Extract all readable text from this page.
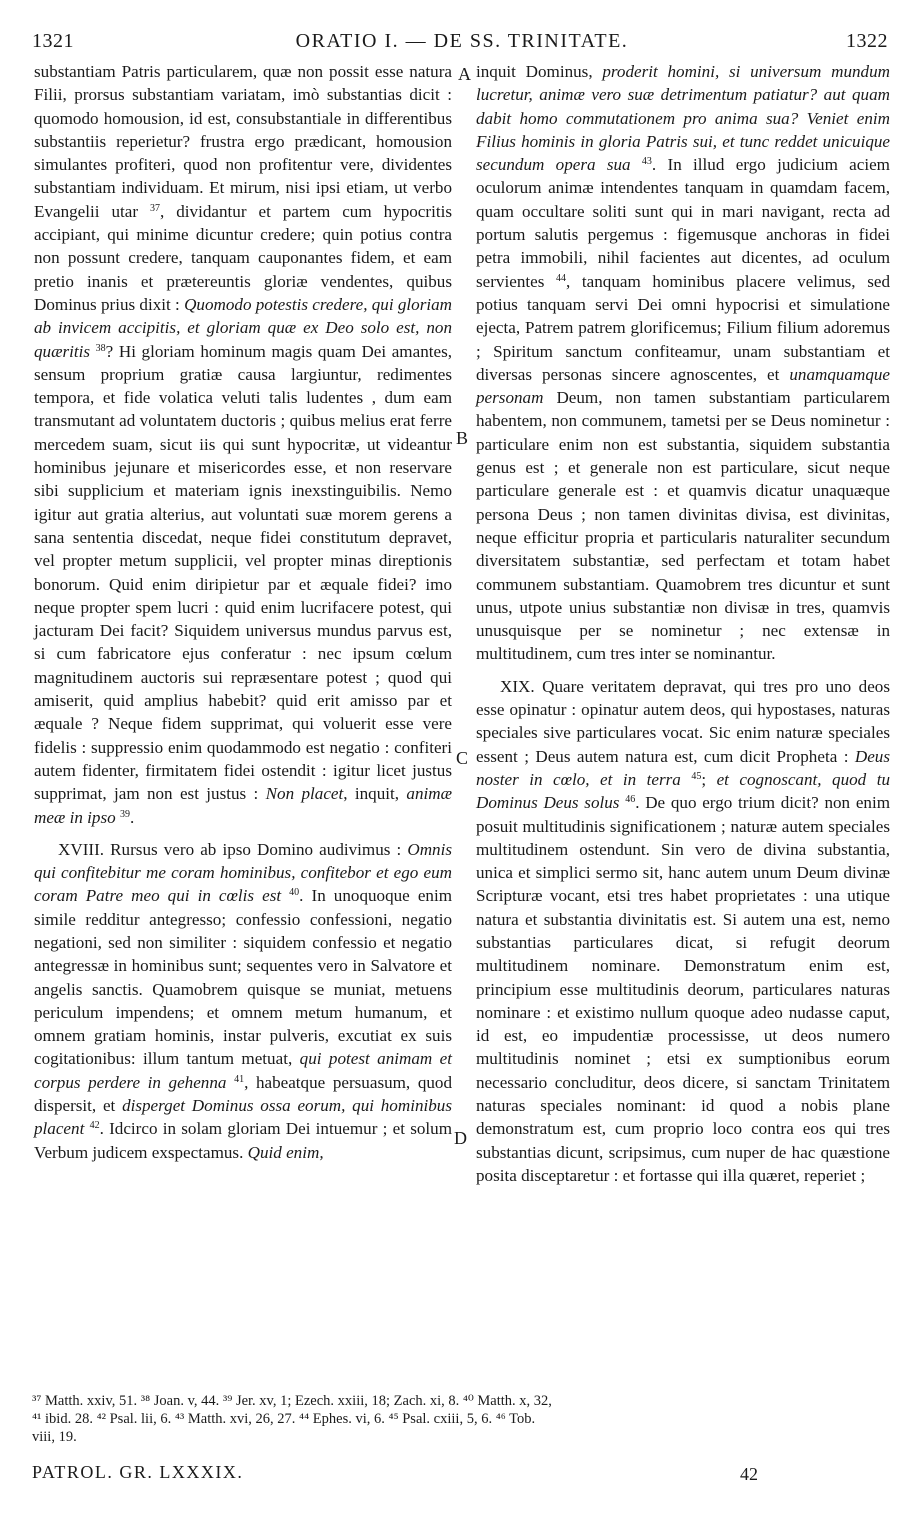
1321	ORATIO I. — DE SS. TRINITATE.	1322

substantiam Patris particularem, quæ non possit esse natura Filii, prorsus substantiam variatam, imò substantias dicit : quomodo homousion, id est, consubstantiale in differentibus substantiis reperietur? frustra ergo prædicant, homousion simulantes profiteri, quod non profitentur vere, dividentes substantiam individuam. Et mirum, nisi ipsi etiam, ut verbo Evangelii utar $^{37}$, dividantur et partem cum hypocritis accipiant, qui minime dicuntur credere; quin potius contra non possunt credere, tanquam cauponantes fidem, et eam pretio inanis et prætereuntis gloriæ vendentes, quibus Dominus prius dixit : Quomodo potestis credere, qui gloriam ab invicem accipitis, et gloriam quæ ex Deo solo est, non quæritis $^{38}$? Hi gloriam hominum magis quam Dei amantes, sensum proprium gratiæ causa largiuntur, redimentes tempora, et fide volatica veluti talis ludentes , dum eam transmutant ad voluntatem ductoris ; quibus melius erat ferre mercedem suam, sicut iis qui sunt hypocritæ, ut videantur hominibus jejunare et misericordes esse, et non reservare sibi supplicium et materiam ignis inexstinguibilis. Nemo igitur aut gratia alterius, aut voluntati suæ morem gerens a sana sententia discedat, neque fidei constitutum depravet, vel propter metum supplicii, vel propter minas direptionis bonorum. Quid enim diripietur par et æquale fidei? imo neque propter spem lucri : quid enim lucrifacere potest, qui jacturam Dei facit? Siquidem universus mundus parvus est, si cum fabricatore ejus conferatur : nec ipsum cœlum magnitudinem auctoris sui repræsentare potest ; quod qui amiserit, quid amplius habebit? quid erit amisso par et æquale ? Neque fidem supprimat, qui voluerit esse vere fidelis : suppressio enim quodammodo est negatio : confiteri autem fidenter, firmitatem fidei ostendit : igitur licet justus supprimat, jam non est justus : Non placet, inquit, animæ meæ in ipso $^{39}$.

XVIII. Rursus vero ab ipso Domino audivimus : Omnis qui confitebitur me coram hominibus, confitebor et ego eum coram Patre meo qui in cœlis est $^{40}$. In unoquoque enim simile redditur antegresso; confessio confessioni, negatio negationi, sed non similiter : siquidem confessio et negatio antegressæ in hominibus sunt; sequentes vero in Salvatore et angelis sanctis. Quamobrem quisque se muniat, metuens periculum impendens; et omnem metum humanum, et omnem gratiam hominis, instar pulveris, excutiat ex suis cogitationibus: illum tantum metuat, qui potest animam et corpus perdere in gehenna $^{41}$, habeatque persuasum, quod dispersit, et disperget Dominus ossa eorum, qui hominibus placent $^{42}$. Idcirco in solam gloriam Dei intuemur ; et solum Verbum judicem exspectamus. Quid enim,

A
B
C
D

inquit Dominus, proderit homini, si universum mundum lucretur, animæ vero suæ detrimentum patiatur? aut quam dabit homo commutationem pro anima sua? Veniet enim Filius hominis in gloria Patris sui, et tunc reddet unicuique secundum opera sua $^{43}$. In illud ergo judicium aciem oculorum animæ intendentes tanquam in quamdam facem, quam occultare soliti sunt qui in mari navigant, recta ad portum salutis pergemus : figemusque anchoras in fidei petra immobili, nihil facientes aut dicentes, ad oculum servientes $^{44}$, tanquam hominibus placere velimus, sed potius tanquam servi Dei omni hypocrisi et simulatione ejecta, Patrem patrem glorificemus; Filium filium adoremus ; Spiritum sanctum confiteamur, unam substantiam et diversas personas sincere agnoscentes, et unamquamque personam Deum, non tamen substantiam particularem habentem, non communem, tametsi per se Deus nominetur : particulare enim non est substantia, siquidem substantia genus est ; et generale non est particulare, sicut neque particulare generale est : et quamvis dicatur unaquæque persona Deus ; non tamen divinitas divisa, est divinitas, neque efficitur propria et particularis naturaliter secundum diversitatem substantiæ, sed perfectam et totam habet communem substantiam. Quamobrem tres dicuntur et sunt unus, utpote unius substantiæ non divisæ in tres, quamvis unusquisque per se nominetur ; nec extensæ in multitudinem, cum tres inter se nominantur.

XIX. Quare veritatem depravat, qui tres pro uno deos esse opinatur : opinatur autem deos, qui hypostases, naturas speciales sive particulares vocat. Sic enim naturæ speciales essent ; Deus autem natura est, cum dicit Propheta : Deus noster in cœlo, et in terra $^{45}$; et cognoscant, quod tu Dominus Deus solus $^{46}$. De quo ergo trium dicit? non enim posuit multitudinis significationem ; naturæ autem speciales multitudinem ostendunt. Sin vero de divina substantia, unica et simplici sermo sit, hanc autem unum Deum divinæ Scripturæ vocant, etsi tres habet proprietates : una utique natura et substantia divinitatis est. Si autem una est, nemo substantias particulares dicat, si refugit deorum multitudinem nominare. Demonstratum enim est, principium esse multitudinis deorum, particulares naturas nominare : et existimo nullum quoque adeo nudasse caput, id est, eo impudentiæ processisse, ut deos numero multitudinis nominet ; etsi ex sumptionibus eorum necessario concluditur, deos dicere, si sanctam Trinitatem naturas speciales nominant: id quod a nobis plane demonstratum est, cum proprio loco contra eos qui tres substantias dicunt, scripsimus, cum nuper de hac quæstione posita disceptaretur : et fortasse qui illa quæret, reperiet ;

³⁷ Matth. xxiv, 51. ³⁸ Joan. v, 44. ³⁹ Jer. xv, 1; Ezech. xxiii, 18; Zach. xi, 8. ⁴⁰ Matth. x, 32,

⁴¹ ibid. 28. ⁴² Psal. lii, 6. ⁴³ Matth. xvi, 26, 27. ⁴⁴ Ephes. vi, 6. ⁴⁵ Psal. cxiii, 5, 6. ⁴⁶ Tob.

viii, 19.

PATROL. GR. LXXXIX.	42
